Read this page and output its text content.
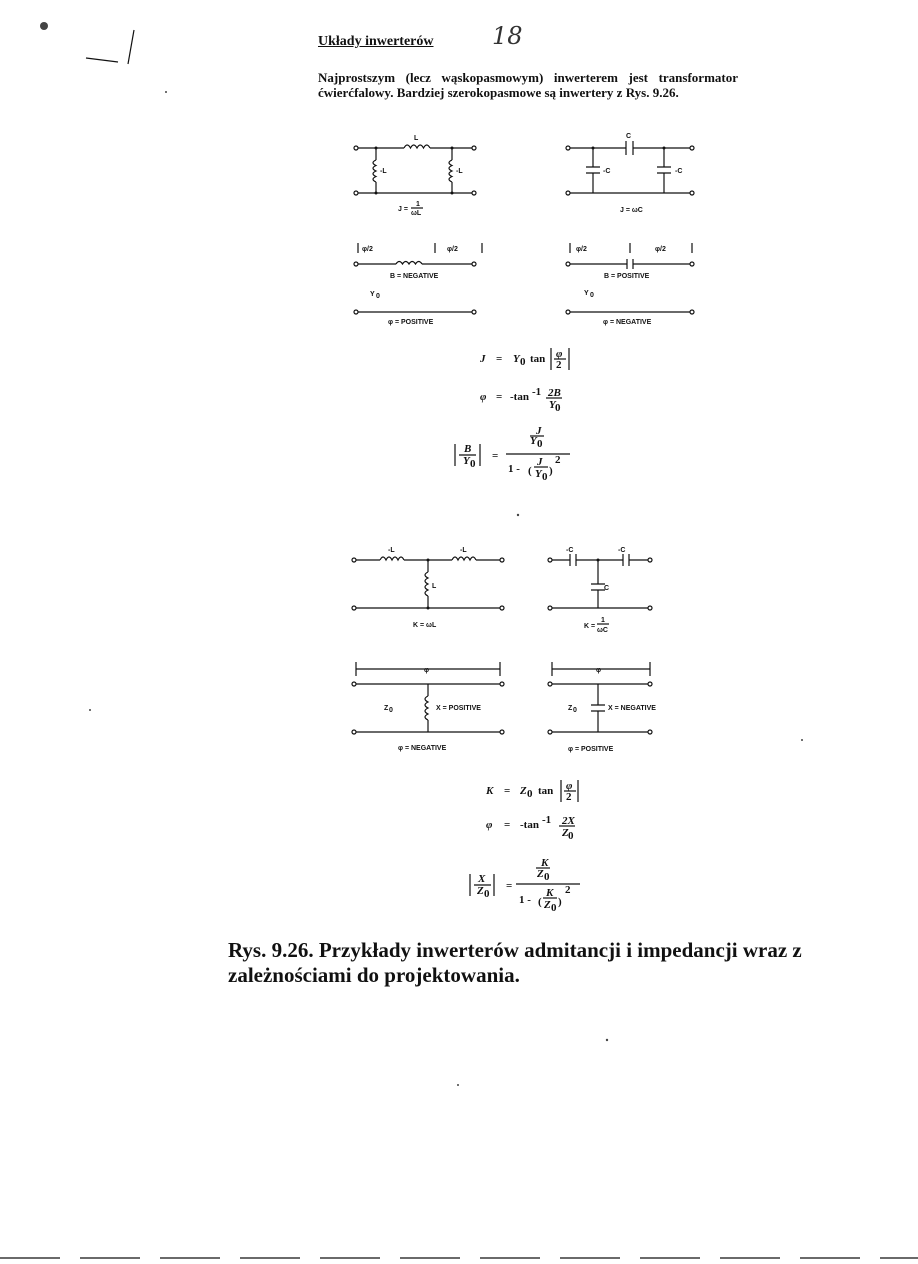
Układy inwerterów 18
Najprostszym (lecz wąskopasmowym) inwerterem jest transformator ćwierćfalowy. Bardziej szerokopasmowe są inwertery z Rys. 9.26.
L
-L	-L
J =
1
ωL
C
-C	-C
J = ωC
φ/2	φ/2
B = NEGATIVE
Y 0
φ = POSITIVE
φ/2	φ/2
B = POSITIVE
Y 0
φ = NEGATIVE
J = Y 0 tan φ
2
φ = -tan -1 2B
Y 0
B
Y 0
=
J
Y 0
1 - (
J
Y 0 )
2
-L	-L
L
K = ωL
-C	-C
C
K =
1
ωC
φ
Z 0	X = POSITIVE
φ = NEGATIVE
φ
Z 0	X = NEGATIVE
φ = POSITIVE
K = Z 0 tan φ
2
φ = -tan -1 2X
Z 0
X
Z 0
=
K
Z 0
1 - (
K
Z 0 )
2
Rys. 9.26. Przykłady inwerterów admitancji i impedancji wraz z zależnościami do projektowania.
